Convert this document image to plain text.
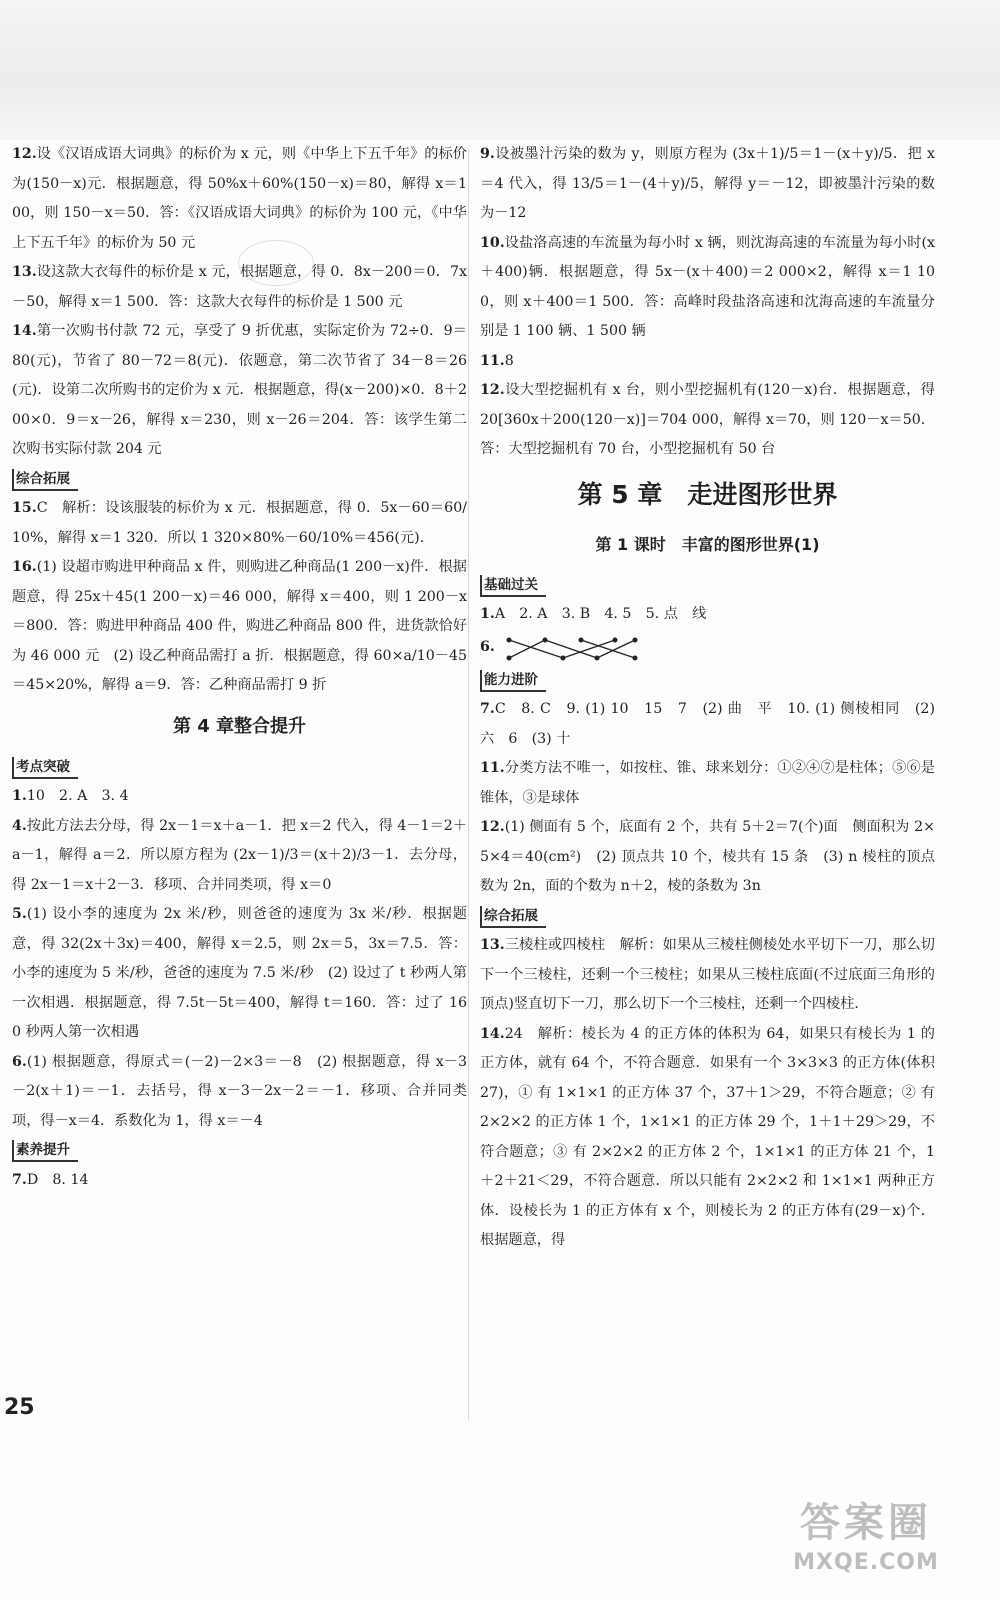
12.设《汉语成语大词典》的标价为 x 元，则《中华上下五千年》的标价为(150－x)元．根据题意，得 50%x＋60%(150－x)＝80，解得 x＝100，则 150－x＝50．答：《汉语成语大词典》的标价为 100 元，《中华上下五千年》的标价为 50 元

13.设这款大衣每件的标价是 x 元，根据题意，得 0．8x－200＝0．7x－50，解得 x＝1 500．答：这款大衣每件的标价是 1 500 元

14.第一次购书付款 72 元，享受了 9 折优惠，实际定价为 72÷0．9＝80(元)，节省了 80－72＝8(元)．依题意，第二次节省了 34－8＝26(元)．设第二次所购书的定价为 x 元．根据题意，得(x－200)×0．8＋200×0．9＝x－26，解得 x＝230，则 x－26＝204．答：该学生第二次购书实际付款 204 元

综合拓展

15.C　解析：设该服装的标价为 x 元．根据题意，得 0．5x－60＝60/10%，解得 x＝1 320．所以 1 320×80%－60/10%＝456(元)．

16.(1) 设超市购进甲种商品 x 件，则购进乙种商品(1 200－x)件．根据题意，得 25x＋45(1 200－x)＝46 000，解得 x＝400，则 1 200－x＝800．答：购进甲种商品 400 件，购进乙种商品 800 件，进货款恰好为 46 000 元　(2) 设乙种商品需打 a 折．根据题意，得 60×a/10－45＝45×20%，解得 a＝9．答：乙种商品需打 9 折

第 4 章整合提升
考点突破

1.10　2. A　3. 4

4.按此方法去分母，得 2x－1＝x＋a－1．把 x＝2 代入，得 4－1＝2＋a－1，解得 a＝2．所以原方程为 (2x－1)/3＝(x＋2)/3－1．去分母，得 2x－1＝x＋2－3．移项、合并同类项，得 x＝0

5.(1) 设小李的速度为 2x 米/秒，则爸爸的速度为 3x 米/秒．根据题意，得 32(2x＋3x)＝400，解得 x＝2.5，则 2x＝5，3x＝7.5．答：小李的速度为 5 米/秒，爸爸的速度为 7.5 米/秒　(2) 设过了 t 秒两人第一次相遇．根据题意，得 7.5t－5t＝400，解得 t＝160．答：过了 160 秒两人第一次相遇

6.(1) 根据题意，得原式＝(－2)－2×3＝－8　(2) 根据题意，得 x－3－2(x＋1)＝－1．去括号，得 x－3－2x－2＝－1．移项、合并同类项，得－x＝4．系数化为 1，得 x＝－4

素养提升

7.D　8. 14

9.设被墨汁污染的数为 y，则原方程为 (3x＋1)/5＝1－(x＋y)/5．把 x＝4 代入，得 13/5＝1－(4＋y)/5，解得 y＝－12，即被墨汁污染的数为－12

10.设盐洛高速的车流量为每小时 x 辆，则沈海高速的车流量为每小时(x＋400)辆．根据题意，得 5x－(x＋400)＝2 000×2，解得 x＝1 100，则 x＋400＝1 500．答：高峰时段盐洛高速和沈海高速的车流量分别是 1 100 辆、1 500 辆

11.8

12.设大型挖掘机有 x 台，则小型挖掘机有(120－x)台．根据题意，得 20[360x＋200(120－x)]＝704 000，解得 x＝70，则 120－x＝50．答：大型挖掘机有 70 台，小型挖掘机有 50 台

第 5 章　走进图形世界
第 1 课时　丰富的图形世界(1)
基础过关

1.A　2. A　3. B　4. 5　5. 点　线

6.
能力进阶

7.C　8. C　9. (1) 10　15　7　(2) 曲　平　10. (1) 侧棱相同　(2) 六　6　(3) 十

11.分类方法不唯一，如按柱、锥、球来划分：①②④⑦是柱体；⑤⑥是锥体，③是球体

12.(1) 侧面有 5 个，底面有 2 个，共有 5＋2＝7(个)面　侧面积为 2×5×4＝40(cm²)　(2) 顶点共 10 个，棱共有 15 条　(3) n 棱柱的顶点数为 2n，面的个数为 n＋2，棱的条数为 3n

综合拓展

13.三棱柱或四棱柱　解析：如果从三棱柱侧棱处水平切下一刀，那么切下一个三棱柱，还剩一个三棱柱；如果从三棱柱底面(不过底面三角形的顶点)竖直切下一刀，那么切下一个三棱柱，还剩一个四棱柱．

14.24　解析：棱长为 4 的正方体的体积为 64，如果只有棱长为 1 的正方体，就有 64 个，不符合题意．如果有一个 3×3×3 的正方体(体积 27)，① 有 1×1×1 的正方体 37 个，37＋1＞29，不符合题意；② 有 2×2×2 的正方体 1 个，1×1×1 的正方体 29 个，1＋1＋29＞29，不符合题意；③ 有 2×2×2 的正方体 2 个，1×1×1 的正方体 21 个，1＋2＋21＜29，不符合题意．所以只能有 2×2×2 和 1×1×1 两种正方体．设棱长为 1 的正方体有 x 个，则棱长为 2 的正方体有(29－x)个．根据题意，得

25
答案圈
MXQE.COM
